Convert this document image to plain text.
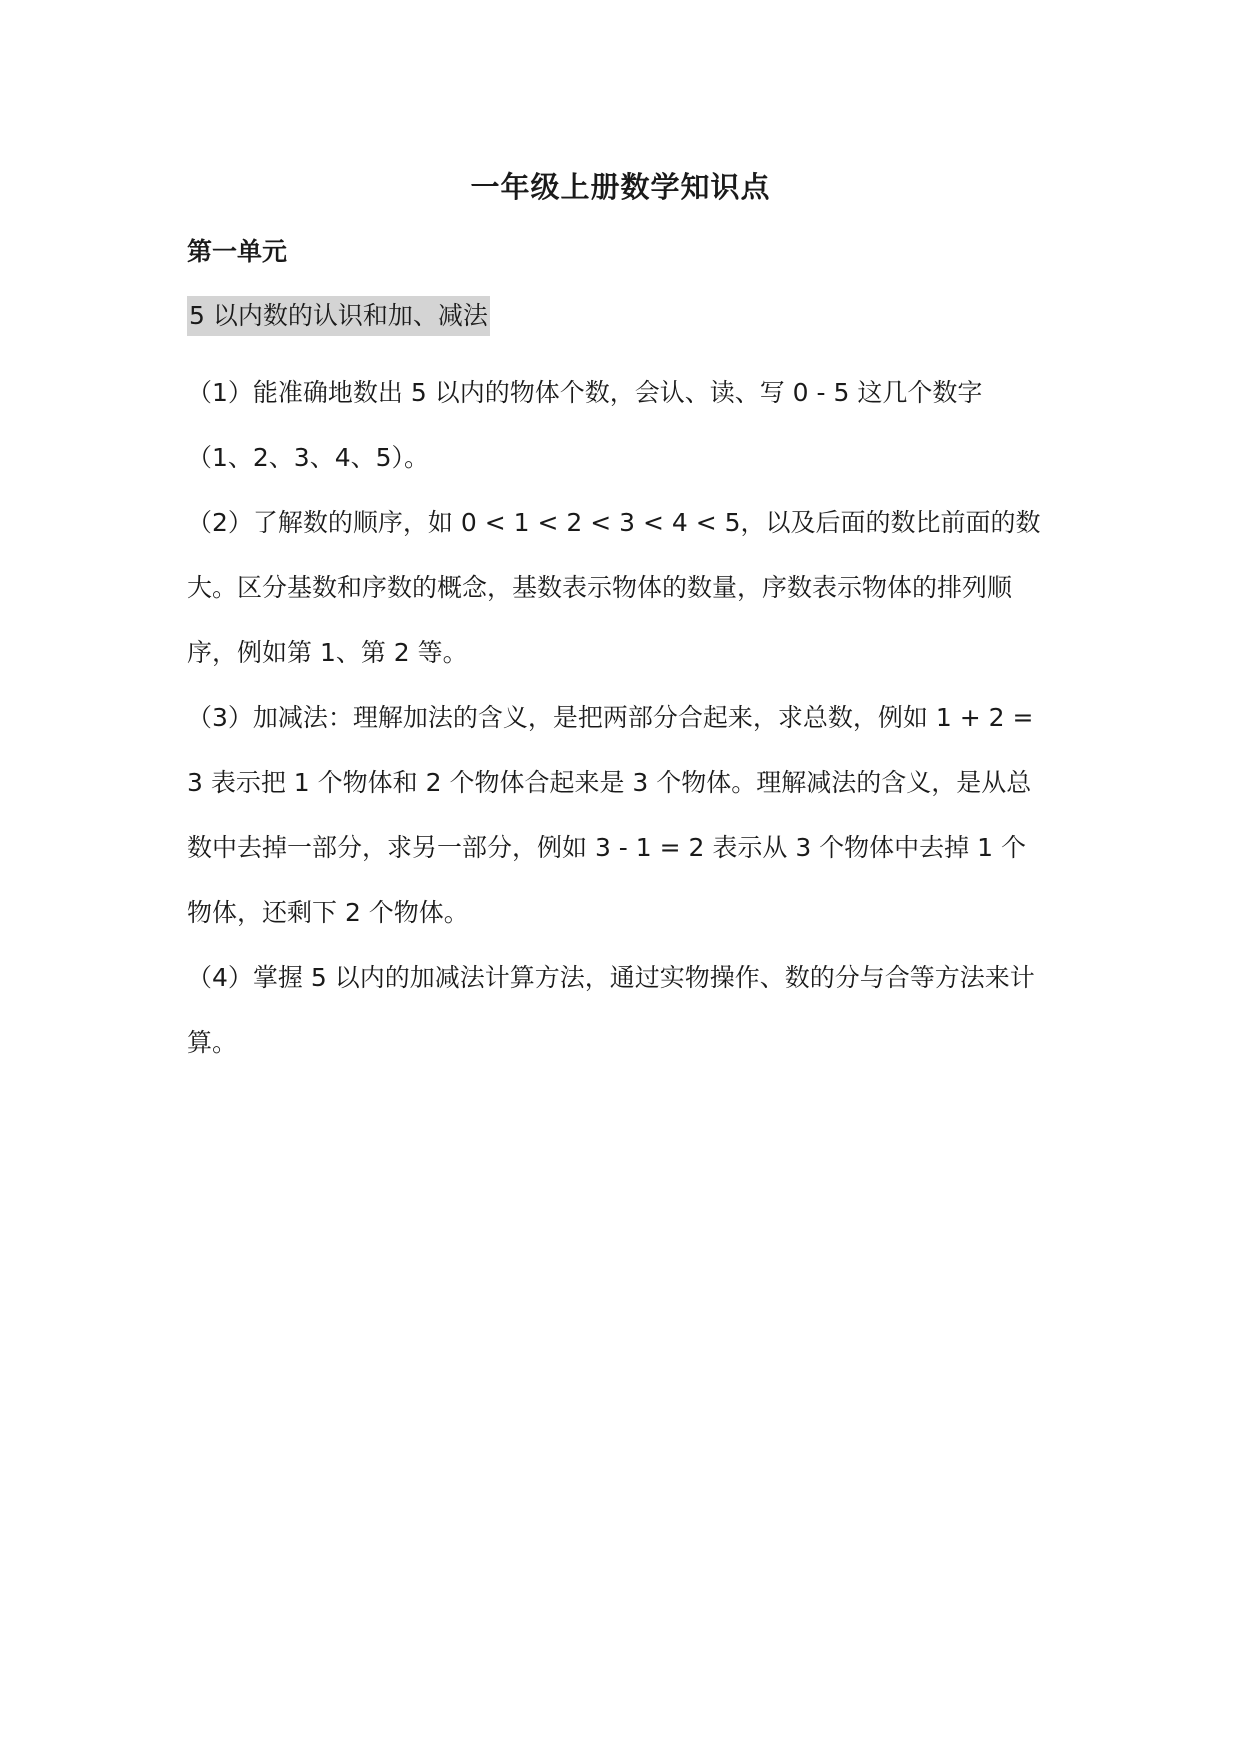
一年级上册数学知识点
第一单元
5 以内数的认识和加、减法

（1）能准确地数出 5 以内的物体个数，会认、读、写 0 - 5 这几个数字（1、2、3、4、5）。

（2）了解数的顺序，如 0 < 1 < 2 < 3 < 4 < 5，以及后面的数比前面的数大。区分基数和序数的概念，基数表示物体的数量，序数表示物体的排列顺序，例如第 1、第 2 等。

（3）加减法：理解加法的含义，是把两部分合起来，求总数，例如 1 + 2 = 3 表示把 1 个物体和 2 个物体合起来是 3 个物体。理解减法的含义，是从总数中去掉一部分，求另一部分，例如 3 - 1 = 2 表示从 3 个物体中去掉 1 个物体，还剩下 2 个物体。

（4）掌握 5 以内的加减法计算方法，通过实物操作、数的分与合等方法来计算。
